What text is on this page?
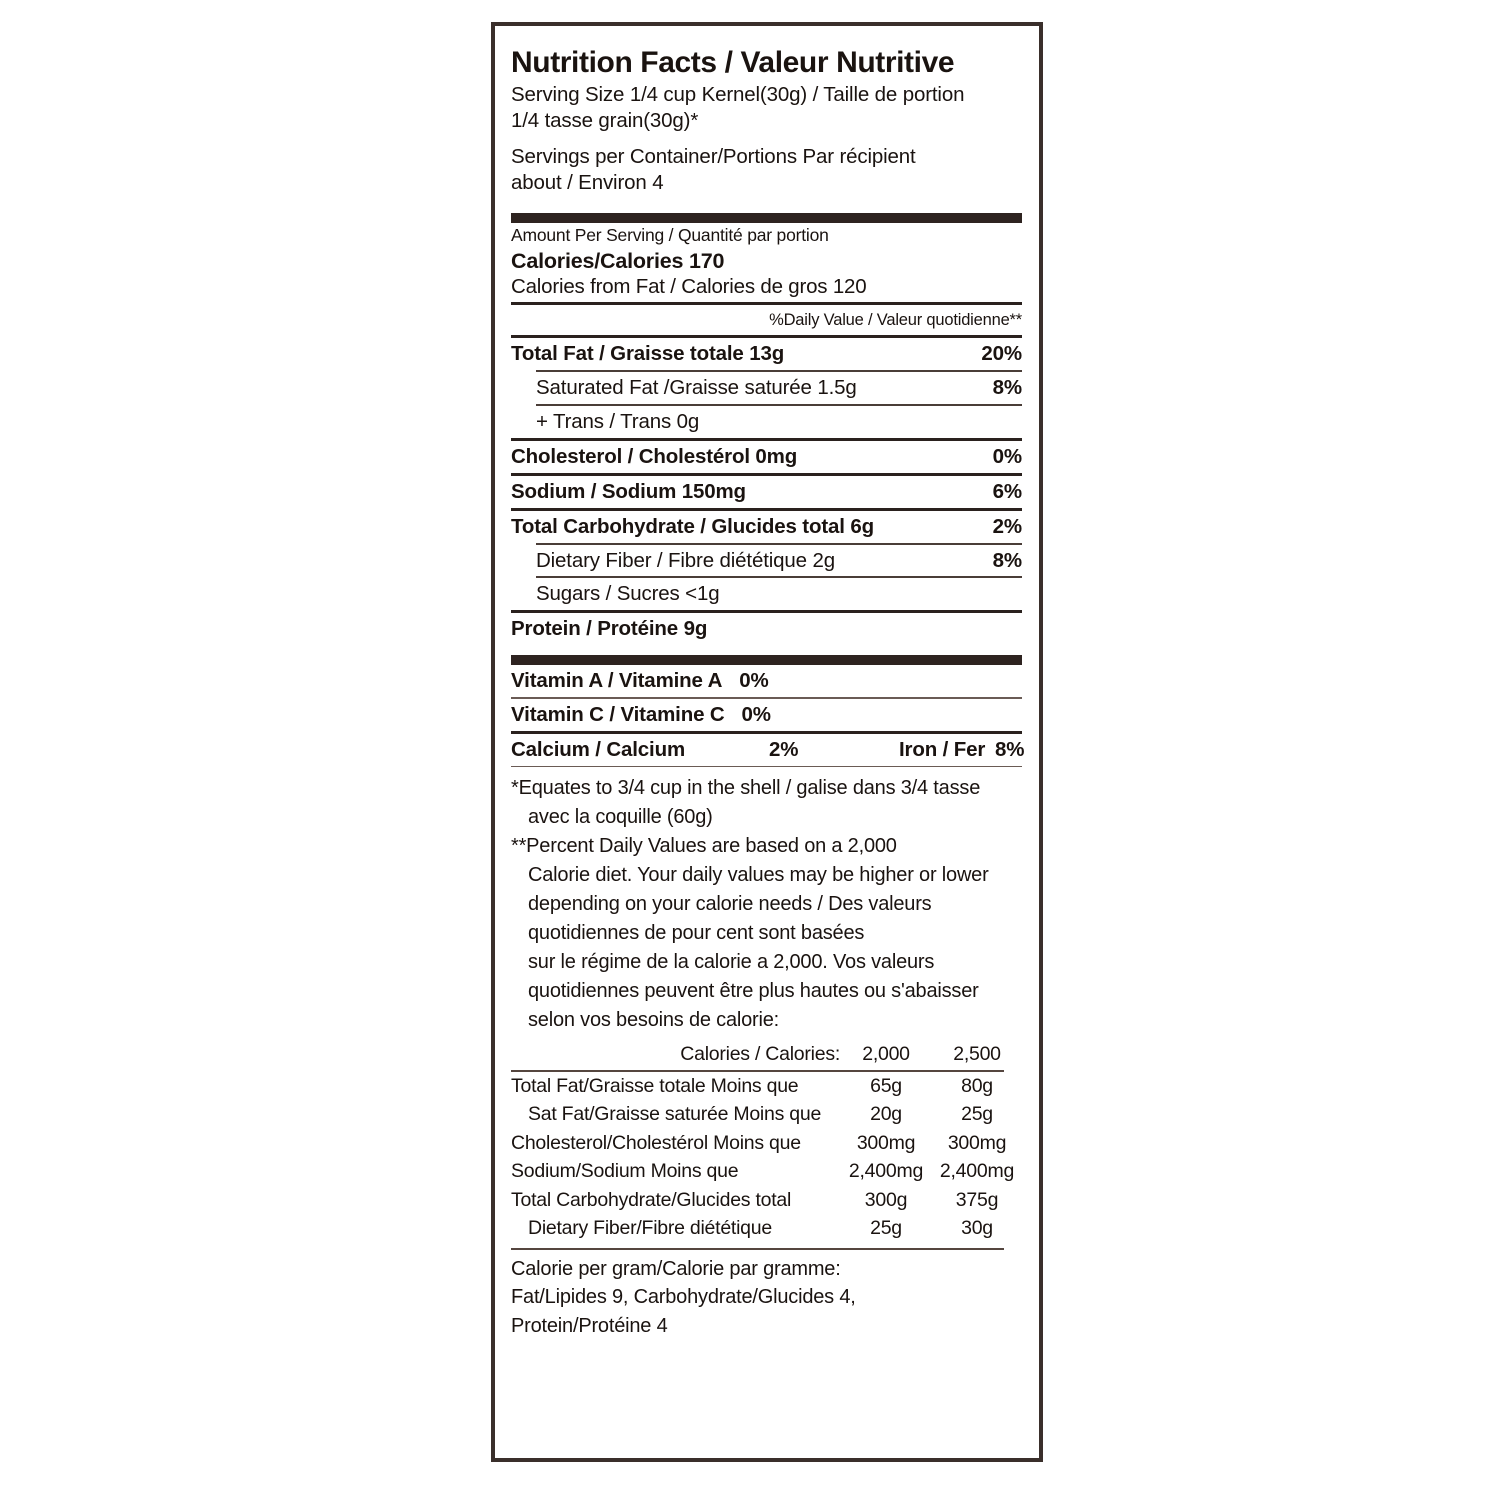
Nutrition Facts / Valeur Nutritive
Serving Size 1/4 cup Kernel(30g) / Taille de portion
1/4 tasse grain(30g)*
Servings per Container/Portions Par récipient
about / Environ 4
Amount Per Serving / Quantité par portion
Calories/Calories 170
Calories from Fat / Calories de gros 120
%Daily Value / Valeur quotidienne**
Total Fat / Graisse totale 13g	20%
Saturated Fat /Graisse saturée 1.5g	8%
+ Trans / Trans 0g
Cholesterol / Cholestérol 0mg	0%
Sodium / Sodium 150mg	6%
Total Carbohydrate / Glucides total 6g	2%
Dietary Fiber / Fibre diététique 2g	8%
Sugars / Sucres <1g
Protein / Protéine 9g
Vitamin A / Vitamine A 0%
Vitamin C / Vitamine C 0%
Calcium / Calcium	2%	Iron / Fer 8%
*Equates to 3/4 cup in the shell / galise dans 3/4 tasse
avec la coquille (60g)
**Percent Daily Values are based on a 2,000
Calorie diet. Your daily values may be higher or lower
depending on your calorie needs / Des valeurs
quotidiennes de pour cent sont basées
sur le régime de la calorie a 2,000. Vos valeurs
quotidiennes peuvent être plus hautes ou s'abaisser
selon vos besoins de calorie:
Calories / Calories:	2,000	2,500
Total Fat/Graisse totale Moins que	65g	80g
Sat Fat/Graisse saturée Moins que	20g	25g
Cholesterol/Cholestérol Moins que	300mg	300mg
Sodium/Sodium Moins que	2,400mg 2,400mg
Total Carbohydrate/Glucides total	300g	375g
Dietary Fiber/Fibre diététique	25g	30g
Calorie per gram/Calorie par gramme:
Fat/Lipides 9, Carbohydrate/Glucides 4,
Protein/Protéine 4
